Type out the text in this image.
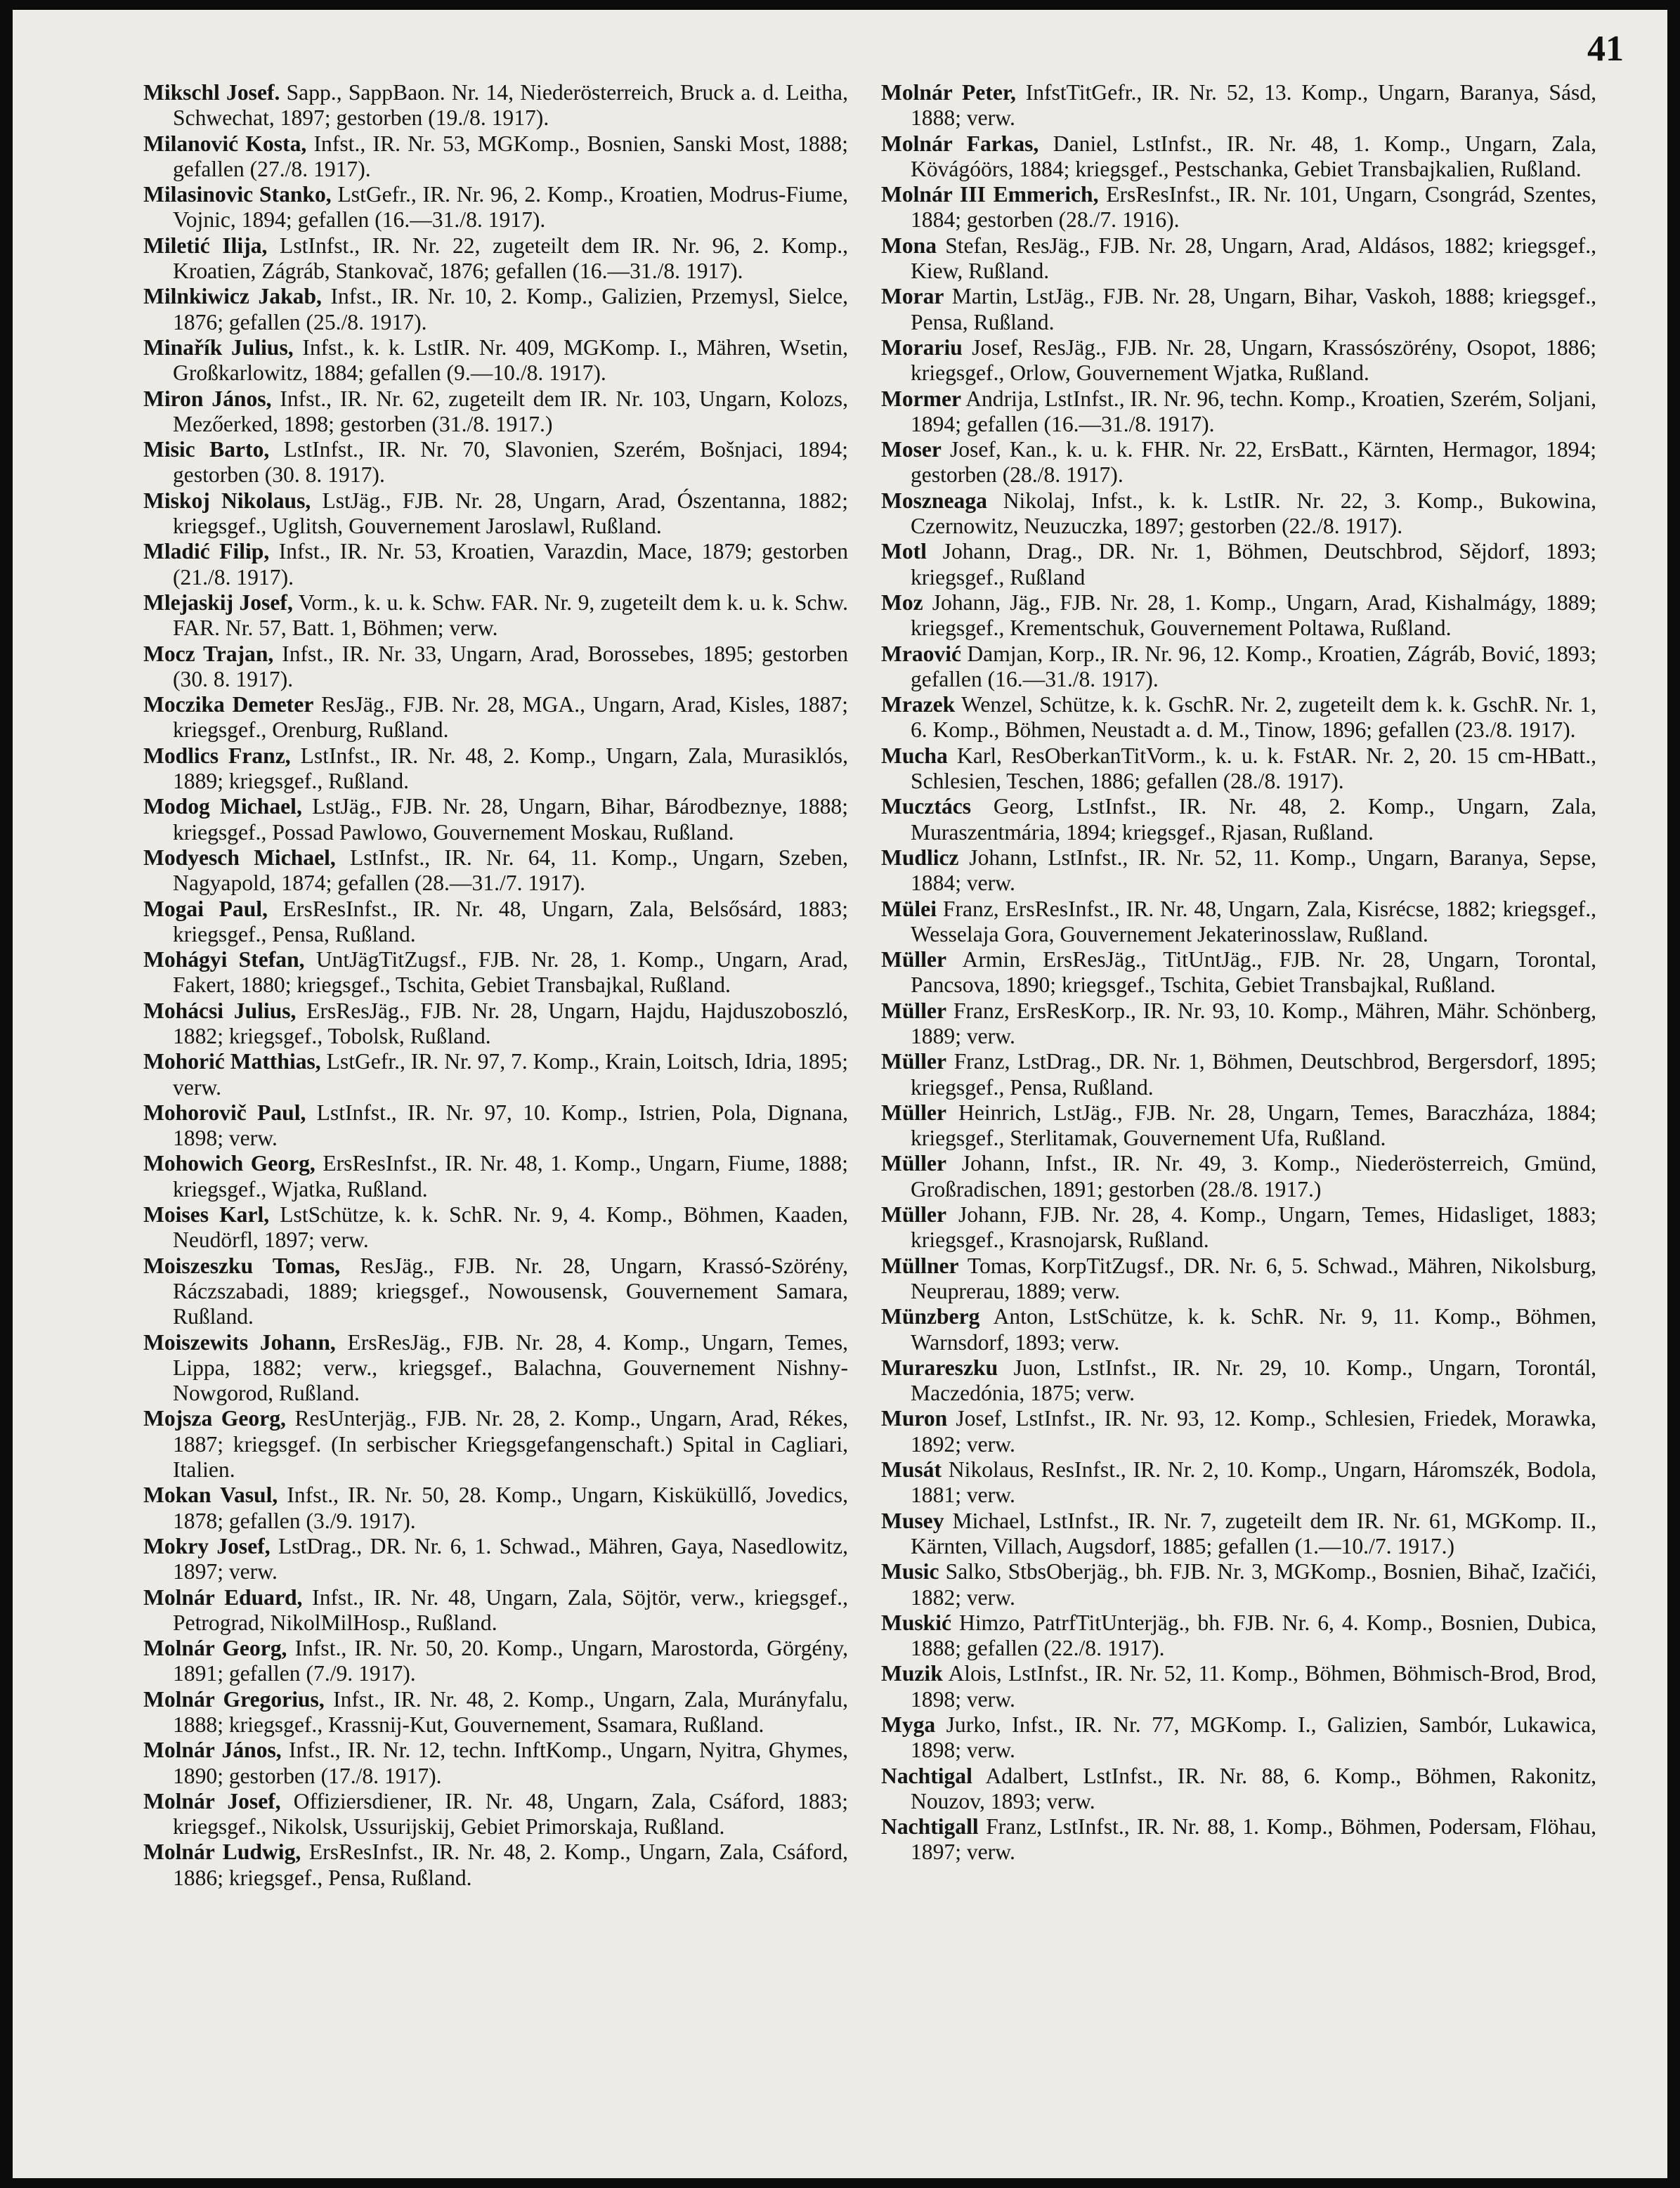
41

Mikschl Josef. Sapp., SappBaon. Nr. 14, Niederösterreich, Bruck a. d. Leitha, Schwechat, 1897; gestorben (19./8. 1917).

Milanović Kosta, Infst., IR. Nr. 53, MGKomp., Bosnien, Sanski Most, 1888; gefallen (27./8. 1917).

Milasinovic Stanko, LstGefr., IR. Nr. 96, 2. Komp., Kroatien, Modrus-Fiume, Vojnic, 1894; gefallen (16.—31./8. 1917).

Miletić Ilija, LstInfst., IR. Nr. 22, zugeteilt dem IR. Nr. 96, 2. Komp., Kroatien, Zágráb, Stankovač, 1876; gefallen (16.—31./8. 1917).

Milnkiwicz Jakab, Infst., IR. Nr. 10, 2. Komp., Galizien, Przemysl, Sielce, 1876; gefallen (25./8. 1917).

Minařík Julius, Infst., k. k. LstIR. Nr. 409, MGKomp. I., Mähren, Wsetin, Großkarlowitz, 1884; gefallen (9.—10./8. 1917).

Miron János, Infst., IR. Nr. 62, zugeteilt dem IR. Nr. 103, Ungarn, Kolozs, Mezőerked, 1898; gestorben (31./8. 1917.)

Misic Barto, LstInfst., IR. Nr. 70, Slavonien, Szerém, Bošnjaci, 1894; gestorben (30. 8. 1917).

Miskoj Nikolaus, LstJäg., FJB. Nr. 28, Ungarn, Arad, Ószentanna, 1882; kriegsgef., Uglitsh, Gouvernement Jaroslawl, Rußland.

Mladić Filip, Infst., IR. Nr. 53, Kroatien, Varazdin, Mace, 1879; gestorben (21./8. 1917).

Mlejaskij Josef, Vorm., k. u. k. Schw. FAR. Nr. 9, zugeteilt dem k. u. k. Schw. FAR. Nr. 57, Batt. 1, Böhmen; verw.

Mocz Trajan, Infst., IR. Nr. 33, Ungarn, Arad, Borossebes, 1895; gestorben (30. 8. 1917).

Moczika Demeter ResJäg., FJB. Nr. 28, MGA., Ungarn, Arad, Kisles, 1887; kriegsgef., Orenburg, Rußland.

Modlics Franz, LstInfst., IR. Nr. 48, 2. Komp., Ungarn, Zala, Murasiklós, 1889; kriegsgef., Rußland.

Modog Michael, LstJäg., FJB. Nr. 28, Ungarn, Bihar, Bárodbeznye, 1888; kriegsgef., Possad Pawlowo, Gouvernement Moskau, Rußland.

Modyesch Michael, LstInfst., IR. Nr. 64, 11. Komp., Ungarn, Szeben, Nagyapold, 1874; gefallen (28.—31./7. 1917).

Mogai Paul, ErsResInfst., IR. Nr. 48, Ungarn, Zala, Belsősárd, 1883; kriegsgef., Pensa, Rußland.

Mohágyi Stefan, UntJägTitZugsf., FJB. Nr. 28, 1. Komp., Ungarn, Arad, Fakert, 1880; kriegsgef., Tschita, Gebiet Transbajkal, Rußland.

Mohácsi Julius, ErsResJäg., FJB. Nr. 28, Ungarn, Hajdu, Hajduszoboszló, 1882; kriegsgef., Tobolsk, Rußland.

Mohorić Matthias, LstGefr., IR. Nr. 97, 7. Komp., Krain, Loitsch, Idria, 1895; verw.

Mohorovič Paul, LstInfst., IR. Nr. 97, 10. Komp., Istrien, Pola, Dignana, 1898; verw.

Mohowich Georg, ErsResInfst., IR. Nr. 48, 1. Komp., Ungarn, Fiume, 1888; kriegsgef., Wjatka, Rußland.

Moises Karl, LstSchütze, k. k. SchR. Nr. 9, 4. Komp., Böhmen, Kaaden, Neudörfl, 1897; verw.

Moiszeszku Tomas, ResJäg., FJB. Nr. 28, Ungarn, Krassó-Szörény, Ráczszabadi, 1889; kriegsgef., Nowousensk, Gouvernement Samara, Rußland.

Moiszewits Johann, ErsResJäg., FJB. Nr. 28, 4. Komp., Ungarn, Temes, Lippa, 1882; verw., kriegsgef., Balachna, Gouvernement Nishny-Nowgorod, Rußland.

Mojsza Georg, ResUnterjäg., FJB. Nr. 28, 2. Komp., Ungarn, Arad, Rékes, 1887; kriegsgef. (In serbischer Kriegsgefangenschaft.) Spital in Cagliari, Italien.

Mokan Vasul, Infst., IR. Nr. 50, 28. Komp., Ungarn, Kisküküllő, Jovedics, 1878; gefallen (3./9. 1917).

Mokry Josef, LstDrag., DR. Nr. 6, 1. Schwad., Mähren, Gaya, Nasedlowitz, 1897; verw.

Molnár Eduard, Infst., IR. Nr. 48, Ungarn, Zala, Söjtör, verw., kriegsgef., Petrograd, NikolMilHosp., Rußland.

Molnár Georg, Infst., IR. Nr. 50, 20. Komp., Ungarn, Marostorda, Görgény, 1891; gefallen (7./9. 1917).

Molnár Gregorius, Infst., IR. Nr. 48, 2. Komp., Ungarn, Zala, Murányfalu, 1888; kriegsgef., Krassnij-Kut, Gouvernement, Ssamara, Rußland.

Molnár János, Infst., IR. Nr. 12, techn. InftKomp., Ungarn, Nyitra, Ghymes, 1890; gestorben (17./8. 1917).

Molnár Josef, Offiziersdiener, IR. Nr. 48, Ungarn, Zala, Csáford, 1883; kriegsgef., Nikolsk, Ussurijskij, Gebiet Primorskaja, Rußland.

Molnár Ludwig, ErsResInfst., IR. Nr. 48, 2. Komp., Ungarn, Zala, Csáford, 1886; kriegsgef., Pensa, Rußland.

Molnár Peter, InfstTitGefr., IR. Nr. 52, 13. Komp., Ungarn, Baranya, Sásd, 1888; verw.

Molnár Farkas, Daniel, LstInfst., IR. Nr. 48, 1. Komp., Ungarn, Zala, Kövágóörs, 1884; kriegsgef., Pestschanka, Gebiet Transbajkalien, Rußland.

Molnár III Emmerich, ErsResInfst., IR. Nr. 101, Ungarn, Csongrád, Szentes, 1884; gestorben (28./7. 1916).

Mona Stefan, ResJäg., FJB. Nr. 28, Ungarn, Arad, Aldásos, 1882; kriegsgef., Kiew, Rußland.

Morar Martin, LstJäg., FJB. Nr. 28, Ungarn, Bihar, Vaskoh, 1888; kriegsgef., Pensa, Rußland.

Morariu Josef, ResJäg., FJB. Nr. 28, Ungarn, Krassószörény, Osopot, 1886; kriegsgef., Orlow, Gouvernement Wjatka, Rußland.

Mormer Andrija, LstInfst., IR. Nr. 96, techn. Komp., Kroatien, Szerém, Soljani, 1894; gefallen (16.—31./8. 1917).

Moser Josef, Kan., k. u. k. FHR. Nr. 22, ErsBatt., Kärnten, Hermagor, 1894; gestorben (28./8. 1917).

Moszneaga Nikolaj, Infst., k. k. LstIR. Nr. 22, 3. Komp., Bukowina, Czernowitz, Neuzuczka, 1897; gestorben (22./8. 1917).

Motl Johann, Drag., DR. Nr. 1, Böhmen, Deutschbrod, Sějdorf, 1893; kriegsgef., Rußland

Moz Johann, Jäg., FJB. Nr. 28, 1. Komp., Ungarn, Arad, Kishalmágy, 1889; kriegsgef., Krementschuk, Gouvernement Poltawa, Rußland.

Mraović Damjan, Korp., IR. Nr. 96, 12. Komp., Kroatien, Zágráb, Bović, 1893; gefallen (16.—31./8. 1917).

Mrazek Wenzel, Schütze, k. k. GschR. Nr. 2, zugeteilt dem k. k. GschR. Nr. 1, 6. Komp., Böhmen, Neustadt a. d. M., Tinow, 1896; gefallen (23./8. 1917).

Mucha Karl, ResOberkanTitVorm., k. u. k. FstAR. Nr. 2, 20. 15 cm-HBatt., Schlesien, Teschen, 1886; gefallen (28./8. 1917).

Mucztács Georg, LstInfst., IR. Nr. 48, 2. Komp., Ungarn, Zala, Muraszentmária, 1894; kriegsgef., Rjasan, Rußland.

Mudlicz Johann, LstInfst., IR. Nr. 52, 11. Komp., Ungarn, Baranya, Sepse, 1884; verw.

Mülei Franz, ErsResInfst., IR. Nr. 48, Ungarn, Zala, Kisrécse, 1882; kriegsgef., Wesselaja Gora, Gouvernement Jekaterinosslaw, Rußland.

Müller Armin, ErsResJäg., TitUntJäg., FJB. Nr. 28, Ungarn, Torontal, Pancsova, 1890; kriegsgef., Tschita, Gebiet Transbajkal, Rußland.

Müller Franz, ErsResKorp., IR. Nr. 93, 10. Komp., Mähren, Mähr. Schönberg, 1889; verw.

Müller Franz, LstDrag., DR. Nr. 1, Böhmen, Deutschbrod, Bergersdorf, 1895; kriegsgef., Pensa, Rußland.

Müller Heinrich, LstJäg., FJB. Nr. 28, Ungarn, Temes, Baraczháza, 1884; kriegsgef., Sterlitamak, Gouvernement Ufa, Rußland.

Müller Johann, Infst., IR. Nr. 49, 3. Komp., Niederösterreich, Gmünd, Großradischen, 1891; gestorben (28./8. 1917.)

Müller Johann, FJB. Nr. 28, 4. Komp., Ungarn, Temes, Hidasliget, 1883; kriegsgef., Krasnojarsk, Rußland.

Müllner Tomas, KorpTitZugsf., DR. Nr. 6, 5. Schwad., Mähren, Nikolsburg, Neuprerau, 1889; verw.

Münzberg Anton, LstSchütze, k. k. SchR. Nr. 9, 11. Komp., Böhmen, Warnsdorf, 1893; verw.

Murareszku Juon, LstInfst., IR. Nr. 29, 10. Komp., Ungarn, Torontál, Maczedónia, 1875; verw.

Muron Josef, LstInfst., IR. Nr. 93, 12. Komp., Schlesien, Friedek, Morawka, 1892; verw.

Musát Nikolaus, ResInfst., IR. Nr. 2, 10. Komp., Ungarn, Háromszék, Bodola, 1881; verw.

Musey Michael, LstInfst., IR. Nr. 7, zugeteilt dem IR. Nr. 61, MGKomp. II., Kärnten, Villach, Augsdorf, 1885; gefallen (1.—10./7. 1917.)

Music Salko, StbsOberjäg., bh. FJB. Nr. 3, MGKomp., Bosnien, Bihač, Izačići, 1882; verw.

Muskić Himzo, PatrfTitUnterjäg., bh. FJB. Nr. 6, 4. Komp., Bosnien, Dubica, 1888; gefallen (22./8. 1917).

Muzik Alois, LstInfst., IR. Nr. 52, 11. Komp., Böhmen, Böhmisch-Brod, Brod, 1898; verw.

Myga Jurko, Infst., IR. Nr. 77, MGKomp. I., Galizien, Sambór, Lukawica, 1898; verw.

Nachtigal Adalbert, LstInfst., IR. Nr. 88, 6. Komp., Böhmen, Rakonitz, Nouzov, 1893; verw.

Nachtigall Franz, LstInfst., IR. Nr. 88, 1. Komp., Böhmen, Podersam, Flöhau, 1897; verw.
